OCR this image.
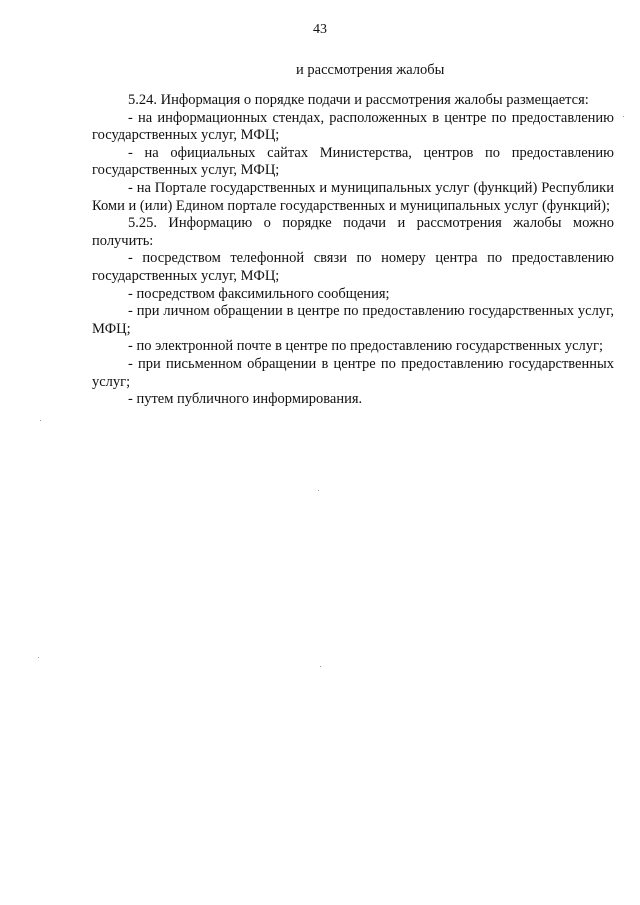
43
и рассмотрения жалобы

5.24. Информация о порядке подачи и рассмотрения жалобы размещается:

- на информационных стендах, расположенных в центре по предоставлению государственных услуг, МФЦ;

- на официальных сайтах Министерства, центров по предоставлению государственных услуг, МФЦ;

- на Портале государственных и муниципальных услуг (функций) Республики Коми и (или) Едином портале государственных и муниципальных услуг (функций);

5.25. Информацию о порядке подачи и рассмотрения жалобы можно получить:

- посредством телефонной связи по номеру центра по предоставлению государственных услуг, МФЦ;

- посредством факсимильного сообщения;

- при личном обращении в центре по предоставлению государственных услуг, МФЦ;

- по электронной почте в центре по предоставлению государственных услуг;

- при письменном обращении в центре по предоставлению государственных услуг;

- путем публичного информирования.
